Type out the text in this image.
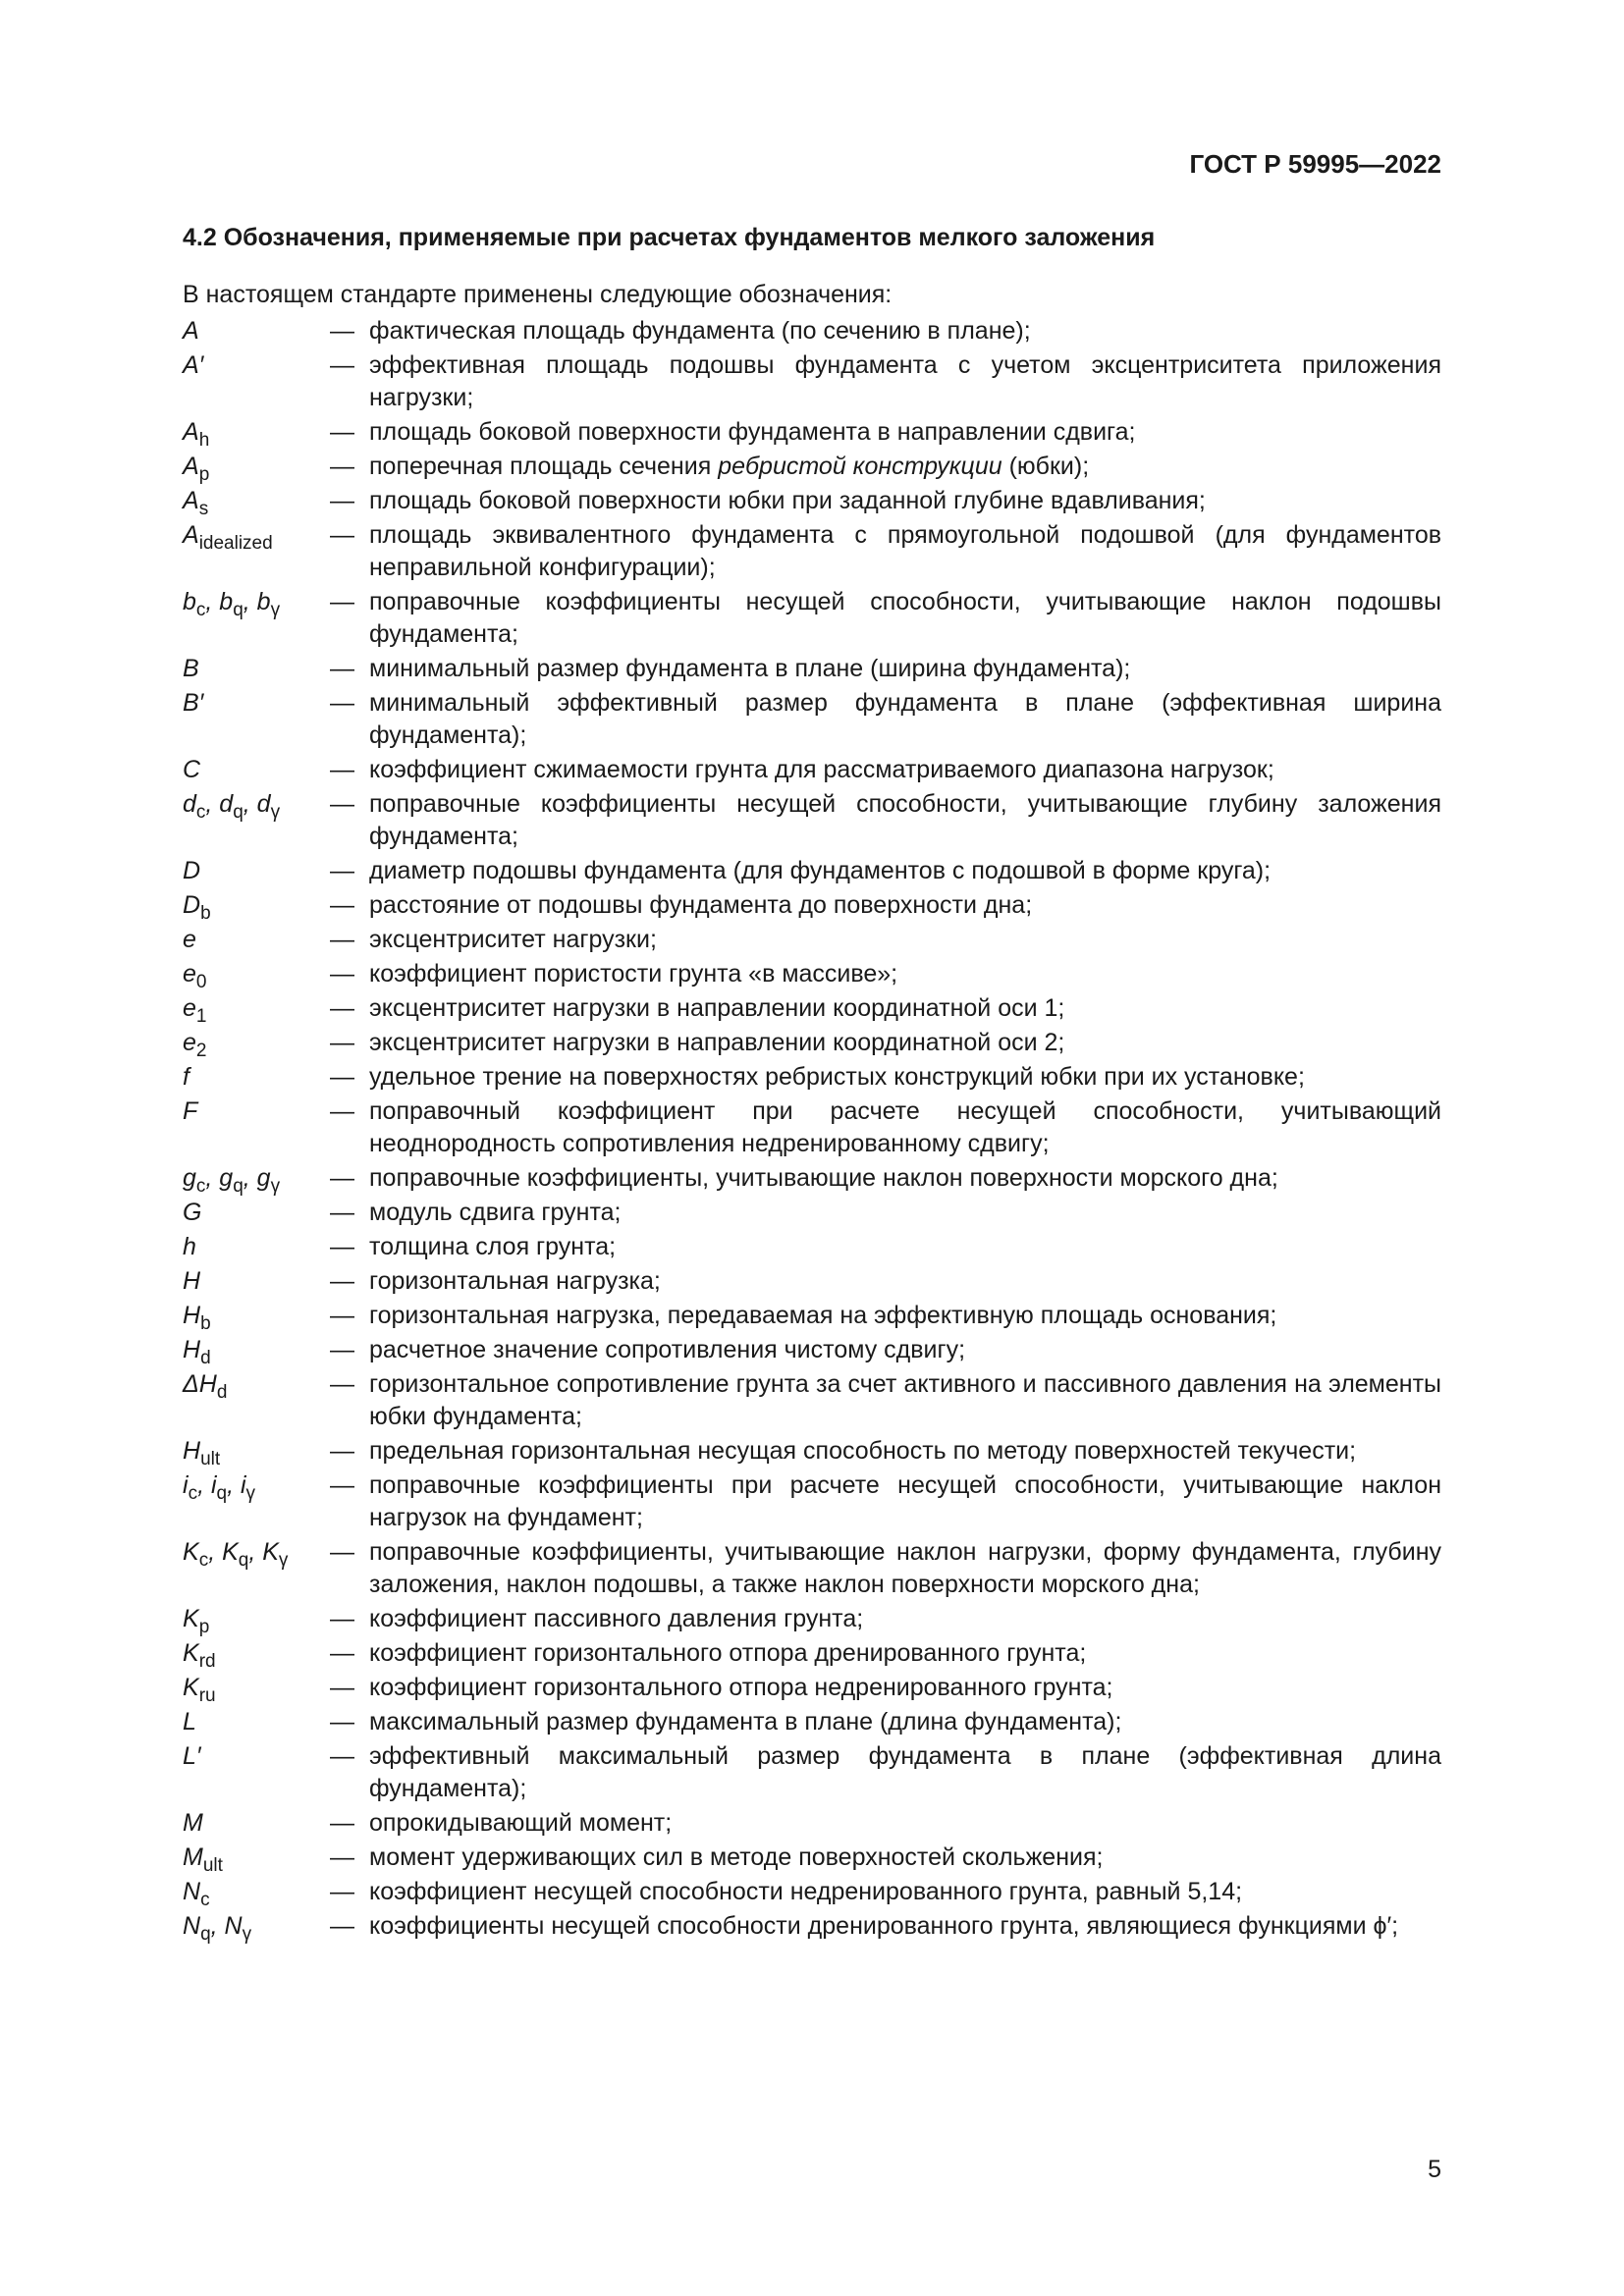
ГОСТ Р 59995—2022
4.2 Обозначения, применяемые при расчетах фундаментов мелкого заложения
В настоящем стандарте применены следующие обозначения:
A	— фактическая площадь фундамента (по сечению в плане);
A′	— эффективная площадь подошвы фундамента с учетом эксцентриситета приложения нагрузки;
$A_h$	— площадь боковой поверхности фундамента в направлении сдвига;
$A_p$	— поперечная площадь сечения ребристой конструкции (юбки);
$A_s$	— площадь боковой поверхности юбки при заданной глубине вдавливания;
$A_{idealized}$	— площадь эквивалентного фундамента с прямоугольной подошвой (для фундаментов неправильной конфигурации);
$b_c$, $b_q$, $b_\gamma$	— поправочные коэффициенты несущей способности, учитывающие наклон подошвы фундамента;
B	— минимальный размер фундамента в плане (ширина фундамента);
B′	— минимальный эффективный размер фундамента в плане (эффективная ширина фундамента);
C	— коэффициент сжимаемости грунта для рассматриваемого диапазона нагрузок;
$d_c$, $d_q$, $d_\gamma$	— поправочные коэффициенты несущей способности, учитывающие глубину заложения фундамента;
D	— диаметр подошвы фундамента (для фундаментов с подошвой в форме круга);
$D_b$	— расстояние от подошвы фундамента до поверхности дна;
e	— эксцентриситет нагрузки;
$e_0$	— коэффициент пористости грунта «в массиве»;
$e_1$	— эксцентриситет нагрузки в направлении координатной оси 1;
$e_2$	— эксцентриситет нагрузки в направлении координатной оси 2;
f	— удельное трение на поверхностях ребристых конструкций юбки при их установке;
F	— поправочный коэффициент при расчете несущей способности, учитывающий неоднородность сопротивления недренированному сдвигу;
$g_c$, $g_q$, $g_\gamma$	— поправочные коэффициенты, учитывающие наклон поверхности морского дна;
G	— модуль сдвига грунта;
h	— толщина слоя грунта;
H	— горизонтальная нагрузка;
$H_b$	— горизонтальная нагрузка, передаваемая на эффективную площадь основания;
$H_d$	— расчетное значение сопротивления чистому сдвигу;
$\Delta H_d$	— горизонтальное сопротивление грунта за счет активного и пассивного давления на элементы юбки фундамента;
$H_{ult}$	— предельная горизонтальная несущая способность по методу поверхностей текучести;
$i_c$, $i_q$, $i_\gamma$	— поправочные коэффициенты при расчете несущей способности, учитывающие наклон нагрузок на фундамент;
$K_c$, $K_q$, $K_\gamma$	— поправочные коэффициенты, учитывающие наклон нагрузки, форму фундамента, глубину заложения, наклон подошвы, а также наклон поверхности морского дна;
$K_p$	— коэффициент пассивного давления грунта;
$K_{rd}$	— коэффициент горизонтального отпора дренированного грунта;
$K_{ru}$	— коэффициент горизонтального отпора недренированного грунта;
L	— максимальный размер фундамента в плане (длина фундамента);
L′	— эффективный максимальный размер фундамента в плане (эффективная длина фундамента);
M	— опрокидывающий момент;
$M_{ult}$	— момент удерживающих сил в методе поверхностей скольжения;
$N_c$	— коэффициент несущей способности недренированного грунта, равный 5,14;
$N_q$, $N_\gamma$	— коэффициенты несущей способности дренированного грунта, являющиеся функциями ϕ′;
5
